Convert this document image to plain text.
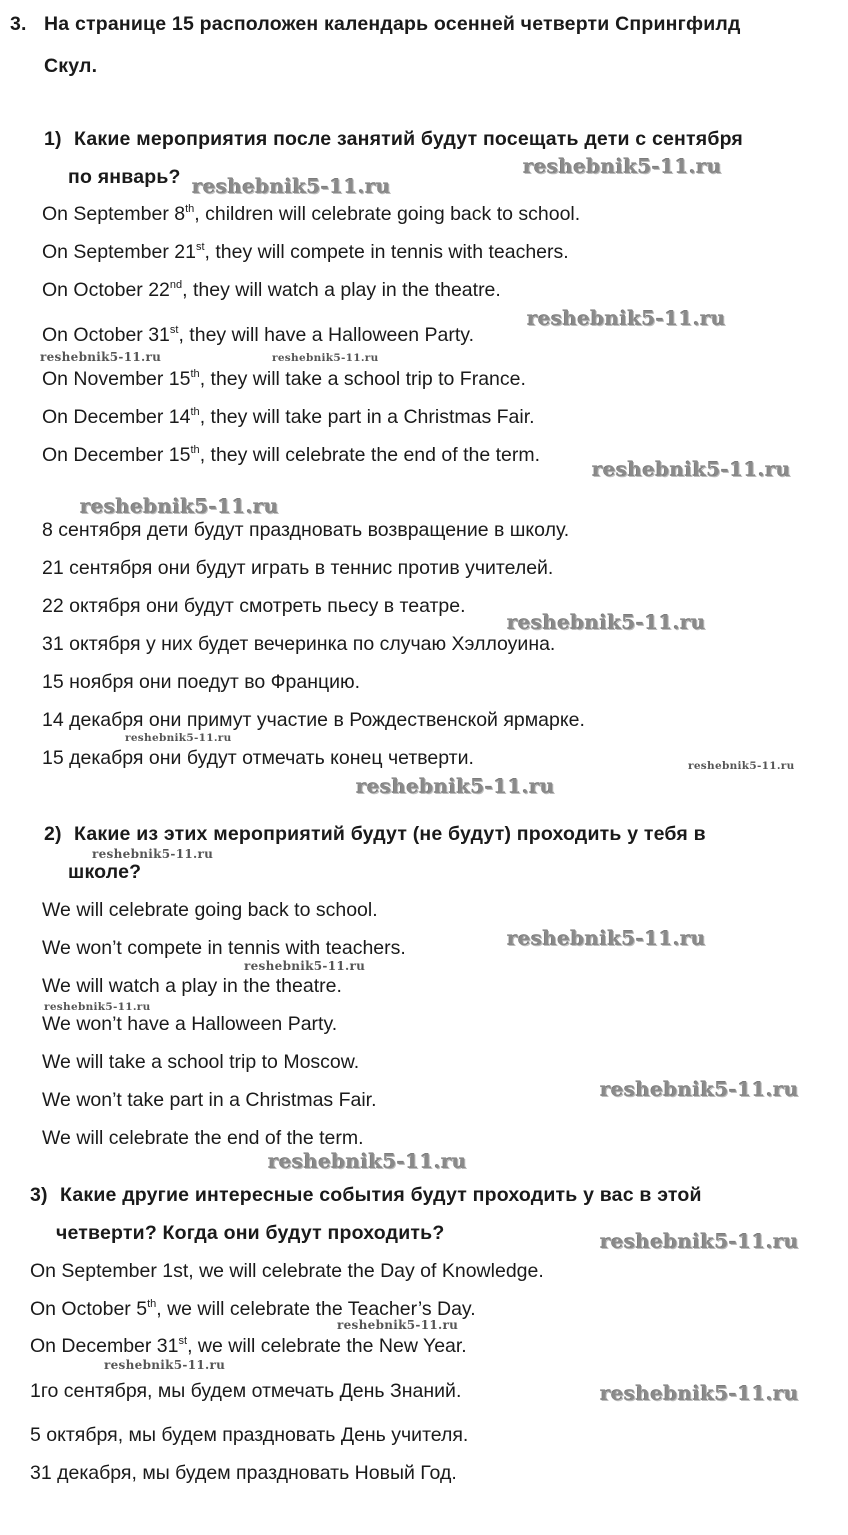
3. На странице 15 расположен календарь осенней четверти Спрингфилд
Скул.
1) Какие мероприятия после занятий будут посещать дети с сентября
по январь?
On September 8th, children will celebrate going back to school.
On September 21st, they will compete in tennis with teachers.
On October 22nd, they will watch a play in the theatre.
On October 31st, they will have a Halloween Party.
On November 15th, they will take a school trip to France.
On December 14th, they will take part in a Christmas Fair.
On December 15th, they will celebrate the end of the term.
8 сентября дети будут праздновать возвращение в школу.
21 сентября они будут играть в теннис против учителей.
22 октября они будут смотреть пьесу в театре.
31 октября у них будет вечеринка по случаю Хэллоуина.
15 ноября они поедут во Францию.
14 декабря они примут участие в Рождественской ярмарке.
15 декабря они будут отмечать конец четверти.
2) Какие из этих мероприятий будут (не будут) проходить у тебя в
школе?
We will celebrate going back to school.
We won’t compete in tennis with teachers.
We will watch a play in the theatre.
We won’t have a Halloween Party.
We will take a school trip to Moscow.
We won’t take part in a Christmas Fair.
We will celebrate the end of the term.
3) Какие другие интересные события будут проходить у вас в этой
четверти? Когда они будут проходить?
On September 1st, we will celebrate the Day of Knowledge.
On October 5th, we will celebrate the Teacher’s Day.
On December 31st, we will celebrate the New Year.
1го сентября, мы будем отмечать День Знаний.
5 октября, мы будем праздновать День учителя.
31 декабря, мы будем праздновать Новый Год.
reshebnik5-11.ru
reshebnik5-11.ru
reshebnik5-11.ru
reshebnik5-11.ru	reshebnik5-11.ru
reshebnik5-11.ru
reshebnik5-11.ru
reshebnik5-11.ru
reshebnik5-11.ru
reshebnik5-11.ru
reshebnik5-11.ru
reshebnik5-11.ru
reshebnik5-11.ru
reshebnik5-11.ru
reshebnik5-11.ru
reshebnik5-11.ru
reshebnik5-11.ru
reshebnik5-11.ru
reshebnik5-11.ru
reshebnik5-11.ru
reshebnik5-11.ru
